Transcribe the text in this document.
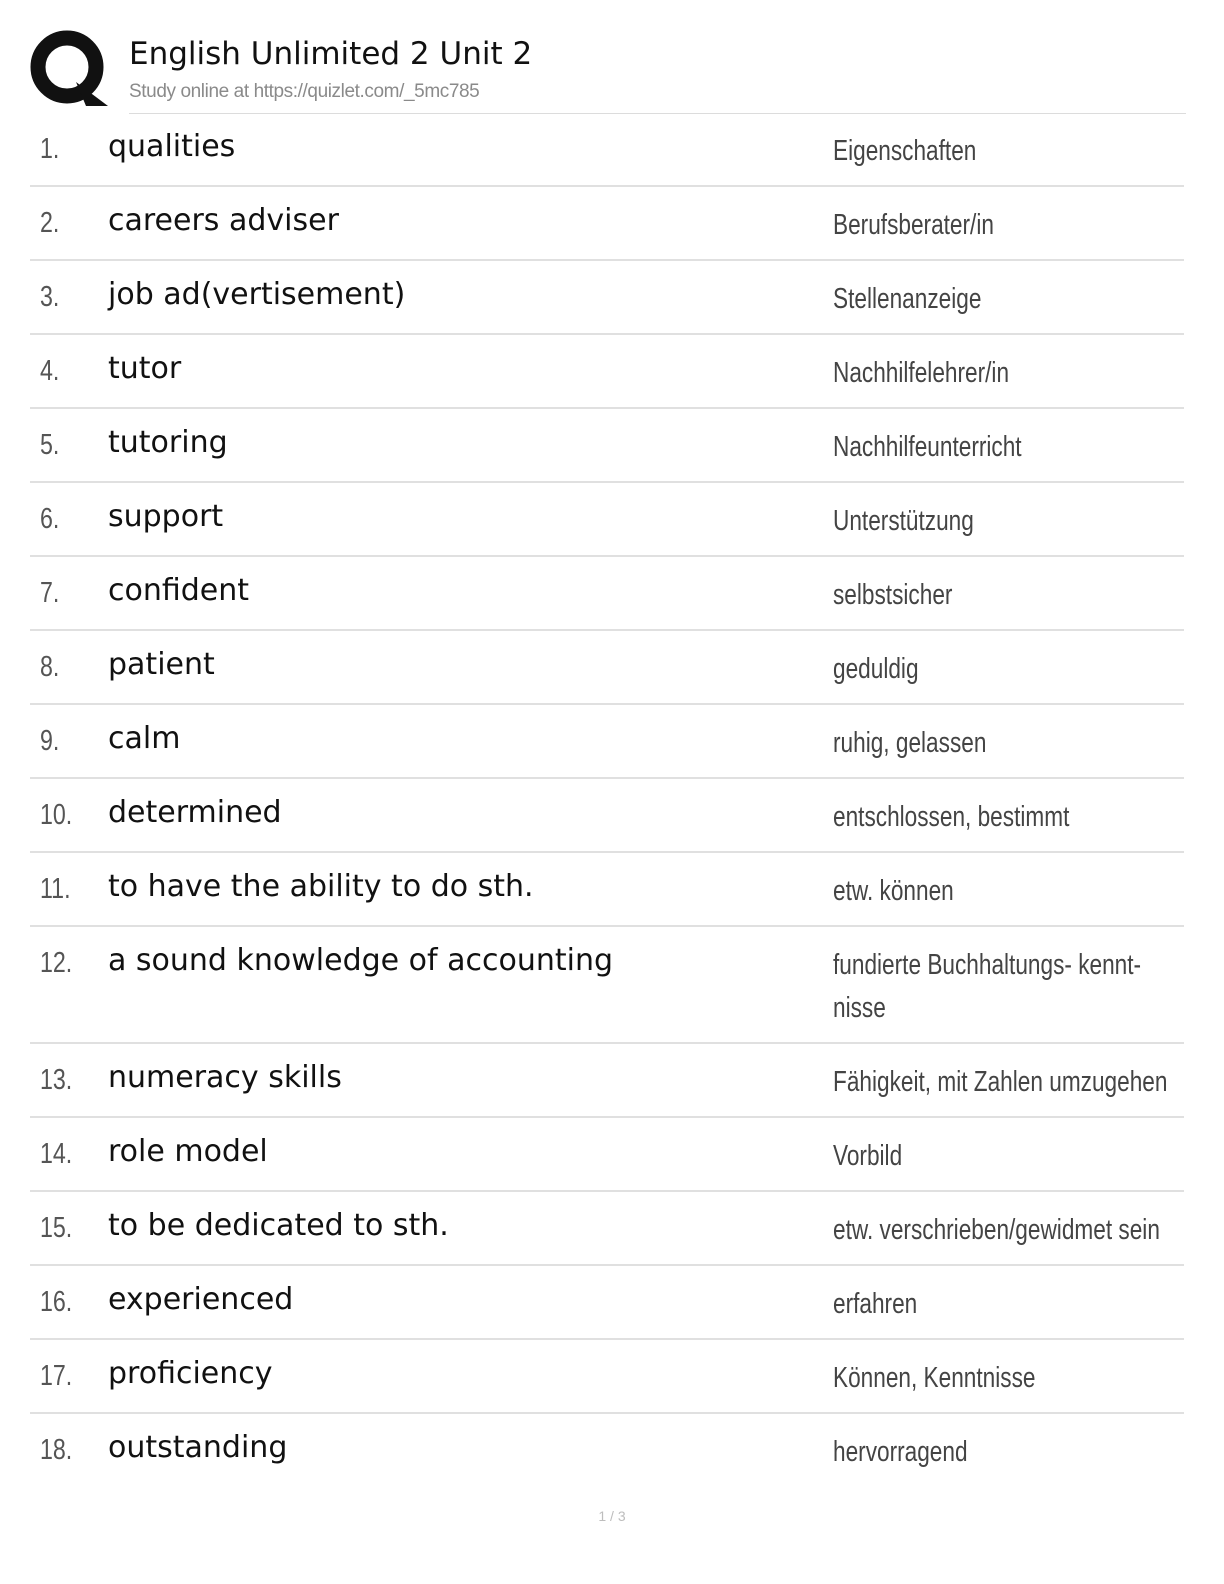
English Unlimited 2 Unit 2
Study online at https://quizlet.com/_5mc785
1. qualities	Eigenschaften
2. careers adviser	Berufsberater/in
3. job ad(vertisement)	Stellenanzeige
4. tutor	Nachhilfelehrer/in
5. tutoring	Nachhilfeunterricht
6. support	Unterstützung
7. confident	selbstsicher
8. patient	geduldig
9. calm	ruhig, gelassen
10. determined	entschlossen, bestimmt
11. to have the ability to do sth.	etw. können
12. a sound knowledge of accounting	fundierte Buchhaltungs- kennt- nisse
13. numeracy skills	Fähigkeit, mit Zahlen umzugehen
14. role model	Vorbild
15. to be dedicated to sth.	etw. verschrieben/gewidmet sein
16. experienced	erfahren
17. proficiency	Können, Kenntnisse
18. outstanding	hervorragend
1 / 3
